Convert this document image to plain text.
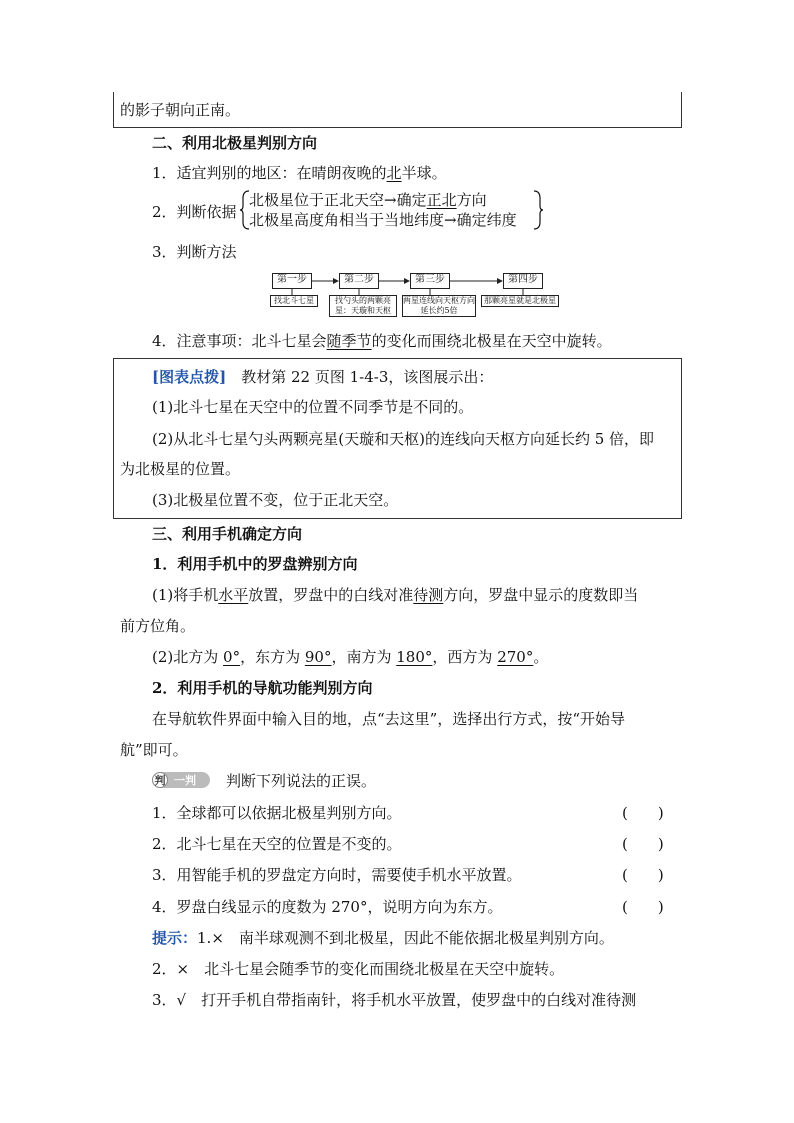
的影子朝向正南。
二、利用北极星判别方向
1．适宜判别的地区：在晴朗夜晚的北半球。
2．判断依据
北极星位于正北天空→确定正北方向
北极星高度角相当于当地纬度→确定纬度
3．判断方法
第一步	第二步	第三步	第四步
找北斗七星	找勺头的两颗亮星：天璇和天枢
两星连线向天枢方向延长约5倍
那颗亮星就是北极星
4．注意事项：北斗七星会随季节的变化而围绕北极星在天空中旋转。
[图表点拨]　 教材第 22 页图 1-4-3，该图展示出：
(1)北斗七星在天空中的位置不同季节是不同的。
(2)从北斗七星勺头两颗亮星(天璇和天枢)的连线向天枢方向延长约 5 倍，即
为北极星的位置。
(3)北极星位置不变，位于正北天空。
三、利用手机确定方向
1．利用手机中的罗盘辨别方向
(1)将手机水平放置，罗盘中的白线对准待测方向，罗盘中显示的度数即当
前方位角。
(2)北方为 0°，东方为 90°，南方为 180°，西方为 270°。
2．利用手机的导航功能判别方向
在导航软件界面中输入目的地，点“去这里”，选择出行方式，按“开始导
航”即可。
判 一判 判断下列说法的正误。
1．全球都可以依据北极星判别方向。	(　　)
2．北斗七星在天空的位置是不变的。	(　　)
3．用智能手机的罗盘定方向时，需要使手机水平放置。	(　　)
4．罗盘白线显示的度数为 270°，说明方向为东方。	(　　)
提示：1.×　南半球观测不到北极星，因此不能依据北极星判别方向。
2．×　北斗七星会随季节的变化而围绕北极星在天空中旋转。
3．√　打开手机自带指南针，将手机水平放置，使罗盘中的白线对准待测
